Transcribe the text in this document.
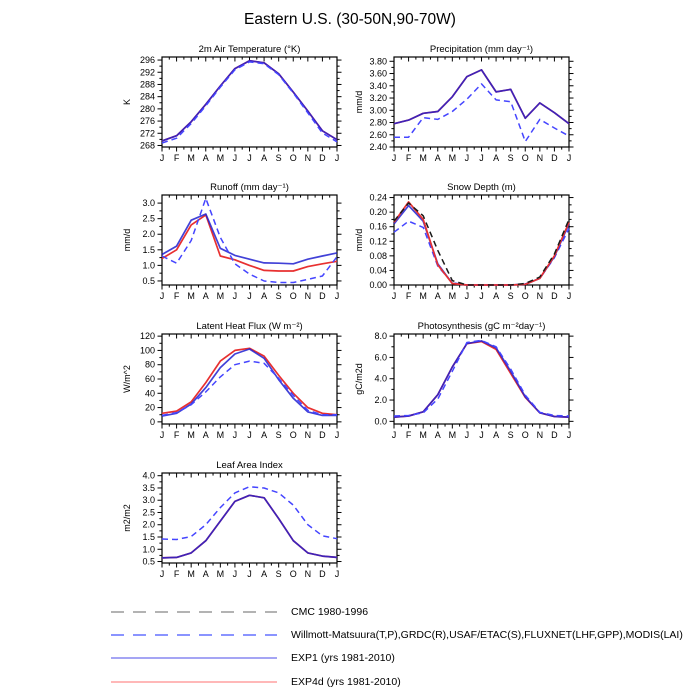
Eastern U.S. (30-50N,90-70W)
J F M A M J J A S O N D J
268
272
276
280
284
288
292
296
2m Air Temperature (°K)
K
J F M A M J J A S O N D J
2.40
2.60
2.80
3.00
3.20
3.40
3.60
3.80
Precipitation (mm day⁻¹)
mm/d
J F M A M J J A S O N D J
0.5
1.0
1.5
2.0
2.5
3.0
Runoff (mm day⁻¹)
mm/d
J F M A M J J A S O N D J
0.00
0.04
0.08
0.12
0.16
0.20
0.24
Snow Depth (m)
mm/d
J F M A M J J A S O N D J
0
20
40
60
80
100
120
Latent Heat Flux (W m⁻²)
W/m^2
J F M A M J J A S O N D J
0.0
2.0
4.0
6.0
8.0
Photosynthesis (gC m⁻²day⁻¹)
gC/m2d
J F M A M J J A S O N D J
0.5
1.0
1.5
2.0
2.5
3.0
3.5
4.0
Leaf Area Index
m2/m2
CMC 1980-1996
Willmott-Matsuura(T,P),GRDC(R),USAF/ETAC(S),FLUXNET(LHF,GPP),MODIS(LAI)
EXP1 (yrs 1981-2010)
EXP4d (yrs 1981-2010)
